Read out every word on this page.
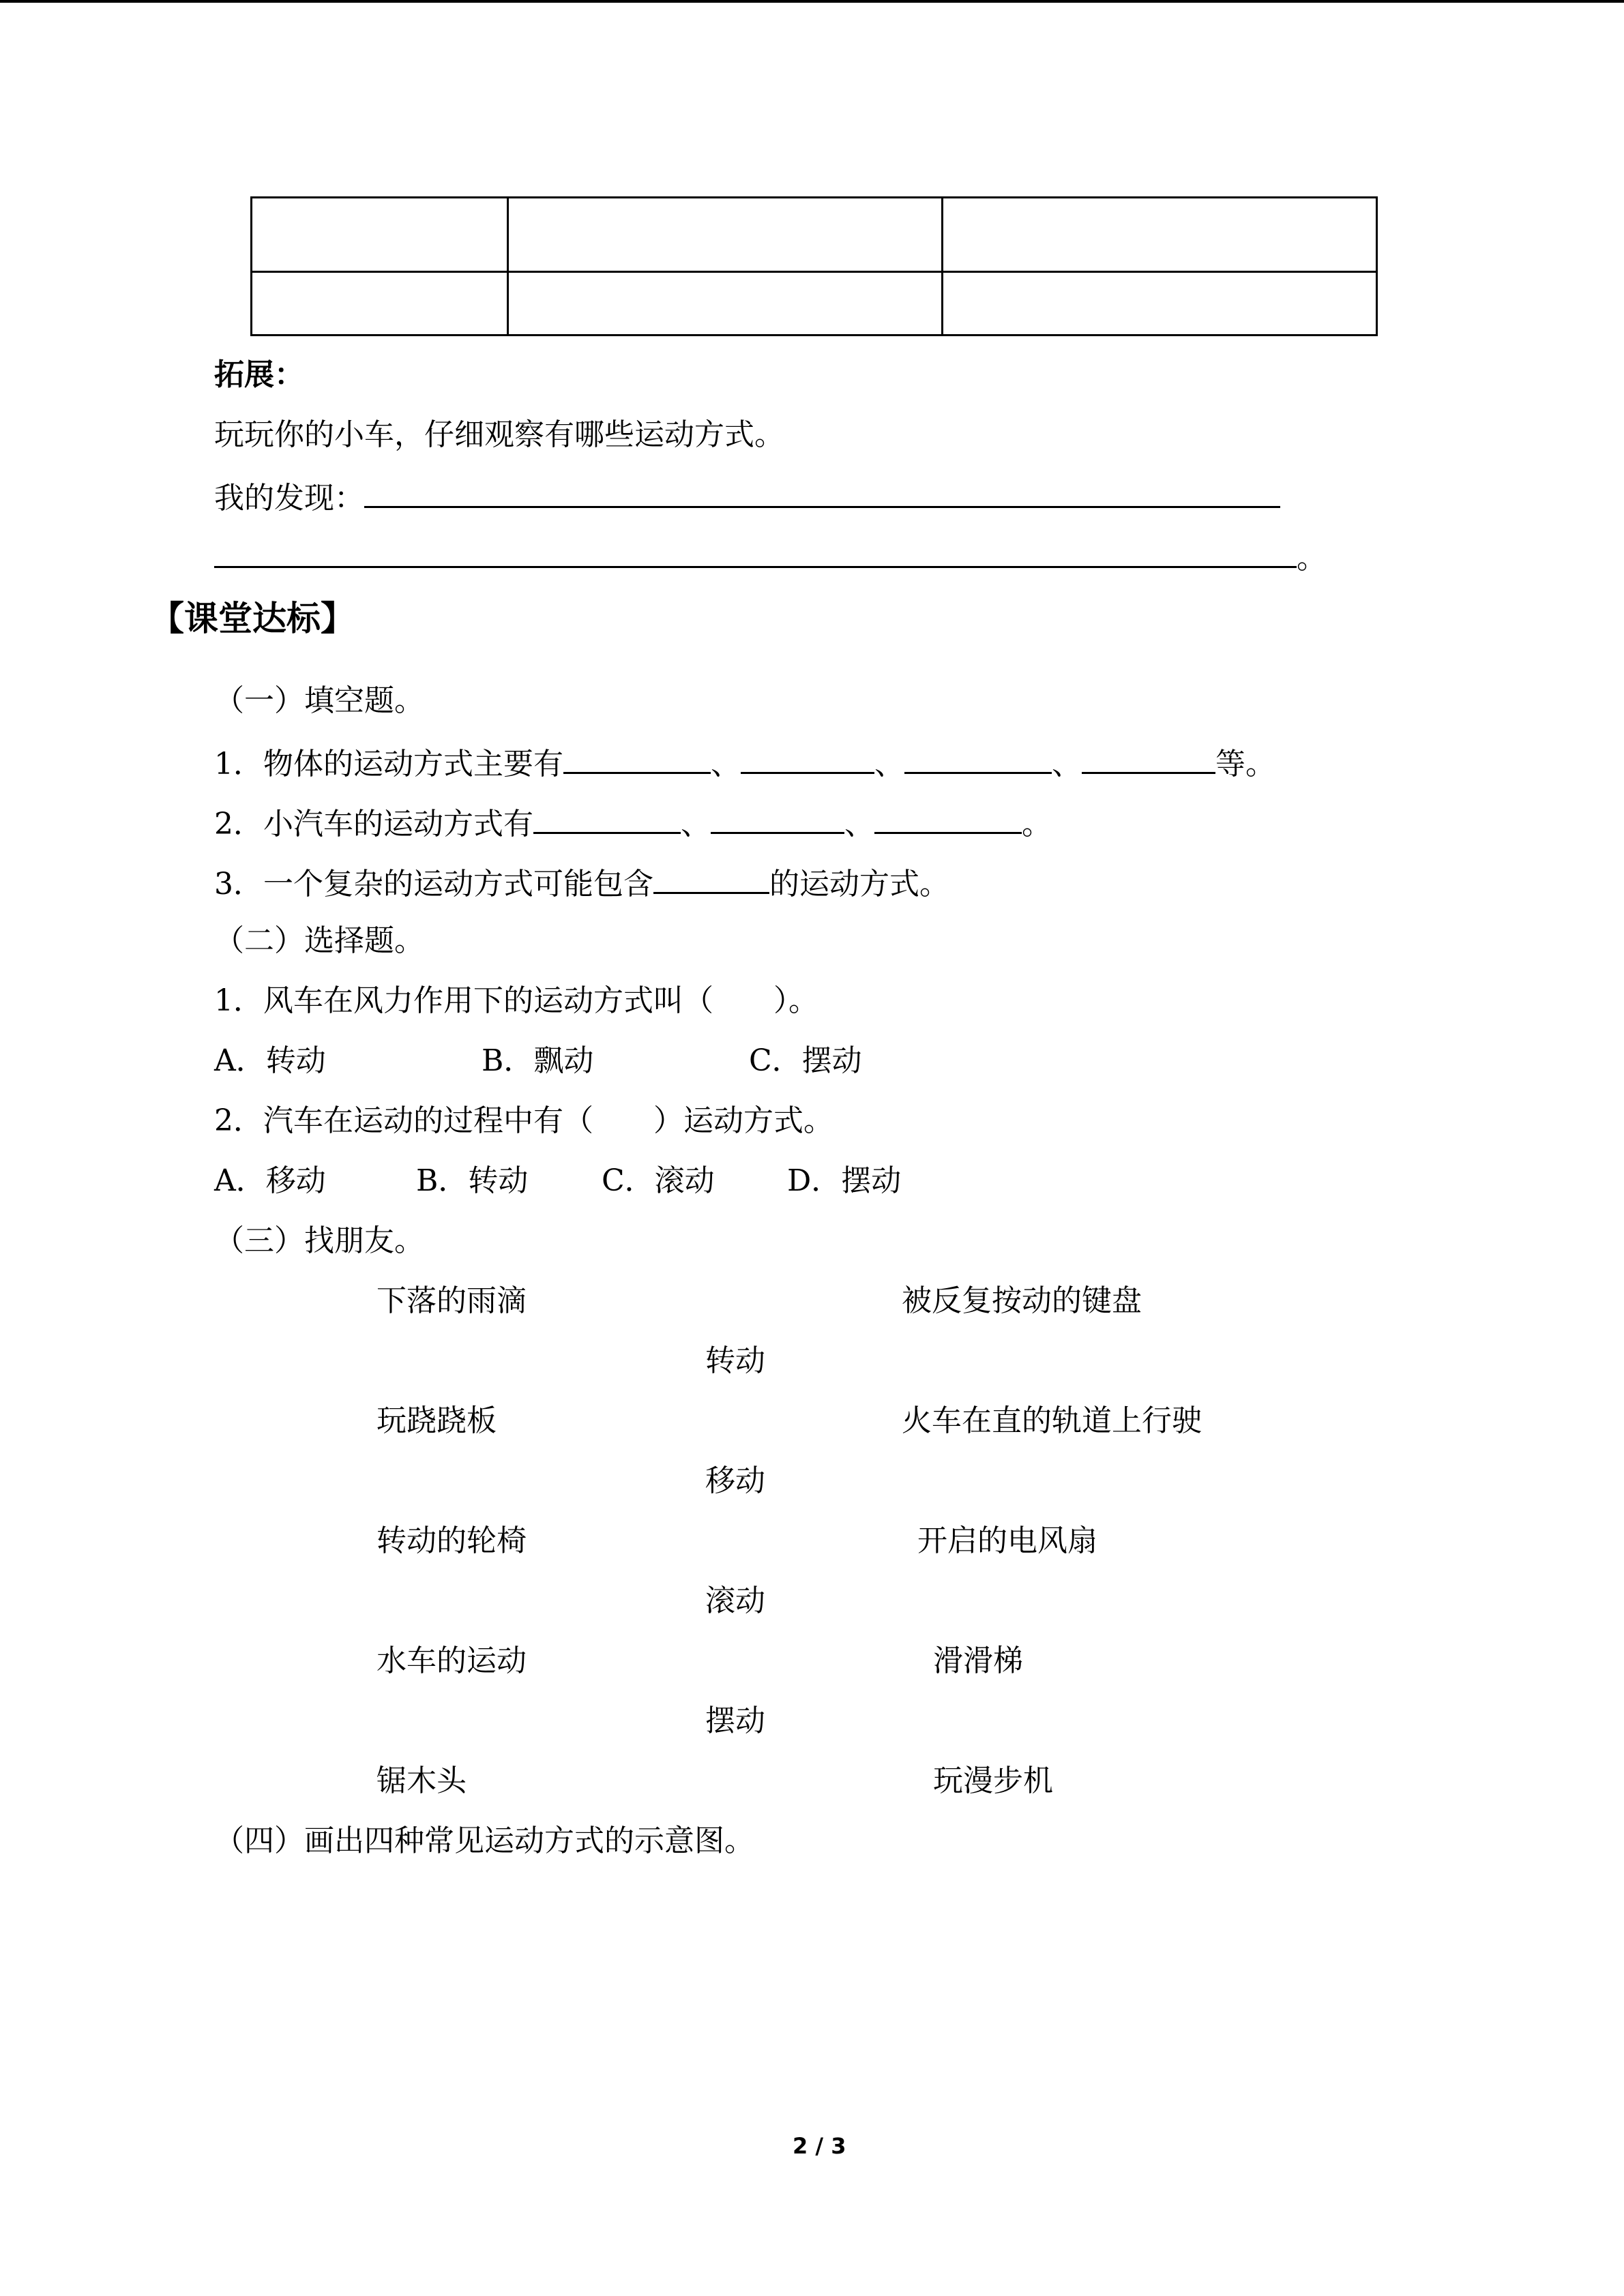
拓展：
玩玩你的小车，仔细观察有哪些运动方式。
我的发现：
。
【课堂达标】
（一）填空题。
1．物体的运动方式主要有	、	、	、	等。
2．小汽车的运动方式有	、	、	。
3．一个复杂的运动方式可能包含	的运动方式。
（二）选择题。
1．风车在风力作用下的运动方式叫（　　）。
A．转动	B．飘动	C．摆动
2．汽车在运动的过程中有（　　）运动方式。
A．移动	B．转动 C．滚动 D．摆动
（三）找朋友。
下落的雨滴	被反复按动的键盘
转动
玩跷跷板	火车在直的轨道上行驶
移动
转动的轮椅	开启的电风扇
滚动
水车的运动	滑滑梯
摆动
锯木头	玩漫步机
（四）画出四种常见运动方式的示意图。
2 / 3
